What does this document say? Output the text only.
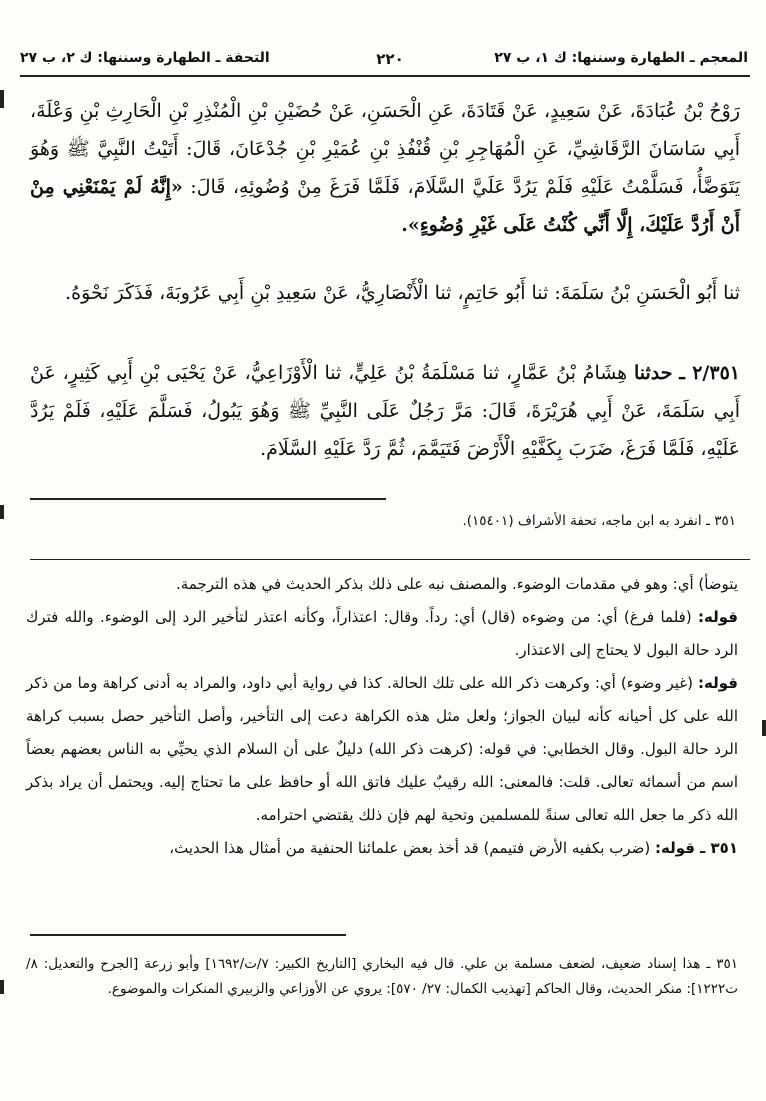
المعجم ـ الطهارة وسننها: ك ١، ب ٢٧
٢٢٠
التحفة ـ الطهارة وسننها: ك ٢، ب ٢٧

رَوْحُ بْنُ عُبَادَةَ، عَنْ سَعِيدٍ، عَنْ قَتَادَةَ، عَنِ الْحَسَنِ، عَنْ حُضَيْنِ بْنِ الْمُنْذِرِ بْنِ الْحَارِثِ بْنِ وَعْلَةَ، أَبِي سَاسَانَ الرَّقَاشِيِّ، عَنِ الْمُهَاجِرِ بْنِ قُنْفُذِ بْنِ عُمَيْرِ بْنِ جُدْعَانَ، قَالَ: أَتَيْتُ النَّبِيَّ ﷺ وَهُوَ يَتَوَضَّأُ، فَسَلَّمْتُ عَلَيْهِ فَلَمْ يَرُدَّ عَلَيَّ السَّلَامَ، فَلَمَّا فَرَغَ مِنْ وُضُوئِهِ، قَالَ: «إِنَّهُ لَمْ يَمْنَعْنِي مِنْ أَنْ أَرُدَّ عَلَيْكَ، إِلَّا أَنِّي كُنْتُ عَلَى غَيْرِ وُضُوءٍ».

ثنا أَبُو الْحَسَنِ بْنُ سَلَمَةَ: ثنا أَبُو حَاتِمٍ، ثنا الْأَنْصَارِيُّ، عَنْ سَعِيدِ بْنِ أَبِي عَرُوبَةَ، فَذَكَرَ نَحْوَهُ.

٢/٣٥١ ـ حدثنا هِشَامُ بْنُ عَمَّارٍ، ثنا مَسْلَمَةُ بْنُ عَلِيٍّ، ثنا الْأَوْزَاعِيُّ، عَنْ يَحْيَى بْنِ أَبِي كَثِيرٍ، عَنْ أَبِي سَلَمَةَ، عَنْ أَبِي هُرَيْرَةَ، قَالَ: مَرَّ رَجُلٌ عَلَى النَّبِيِّ ﷺ وَهُوَ يَبُولُ، فَسَلَّمَ عَلَيْهِ، فَلَمْ يَرُدَّ عَلَيْهِ، فَلَمَّا فَرَغَ، ضَرَبَ بِكَفَّيْهِ الْأَرْضَ فَتَيَمَّمَ، ثُمَّ رَدَّ عَلَيْهِ السَّلَامَ.

٣٥١ ـ انفرد به ابن ماجه، تحفة الأشراف (١٥٤٠١).

يتوضأ) أي: وهو في مقدمات الوضوء. والمصنف نبه على ذلك بذكر الحديث في هذه الترجمة.

قوله: (فلما فرغ) أي: من وضوءه (قال) أي: رداً. وقال: اعتذاراً، وكأنه اعتذر لتأخير الرد إلى الوضوء. والله فترك الرد حالة البول لا يحتاج إلى الاعتذار.

قوله: (غير وضوء) أي: وكرهت ذكر الله على تلك الحالة. كذا في رواية أبي داود، والمراد به أدنى كراهة وما من ذكر الله على كل أحيانه كأنه لبيان الجواز؛ ولعل مثل هذه الكراهة دعت إلى التأخير، وأصل التأخير حصل بسبب كراهة الرد حالة البول. وقال الخطابي: في قوله: (كرهت ذكر الله) دليلٌ على أن السلام الذي يحيِّي به الناس بعضهم بعضاً اسم من أسمائه تعالى. قلت: فالمعنى: الله رقيبٌ عليك فاتق الله أو حافظ على ما تحتاج إليه. ويحتمل أن يراد بذكر الله ذكر ما جعل الله تعالى سنةً للمسلمين وتحية لهم فإن ذلك يقتضي احترامه.

٣٥١ ـ قوله: (ضرب بكفيه الأرض فتيمم) قد أخذ بعض علمائنا الحنفية من أمثال هذا الحديث،

٣٥١ ـ هذا إسناد ضعيف، لضعف مسلمة بن علي. قال فيه البخاري [التاريخ الكبير: ٧/ت/١٦٩٢] وأبو زرعة [الجرح والتعديل: ٨/ت١٢٢٢]: منكر الحديث، وقال الحاكم [تهذيب الكمال: ٢٧/ ٥٧٠]: يروي عن الأوزاعي والزبيري المنكرات والموضوع.
